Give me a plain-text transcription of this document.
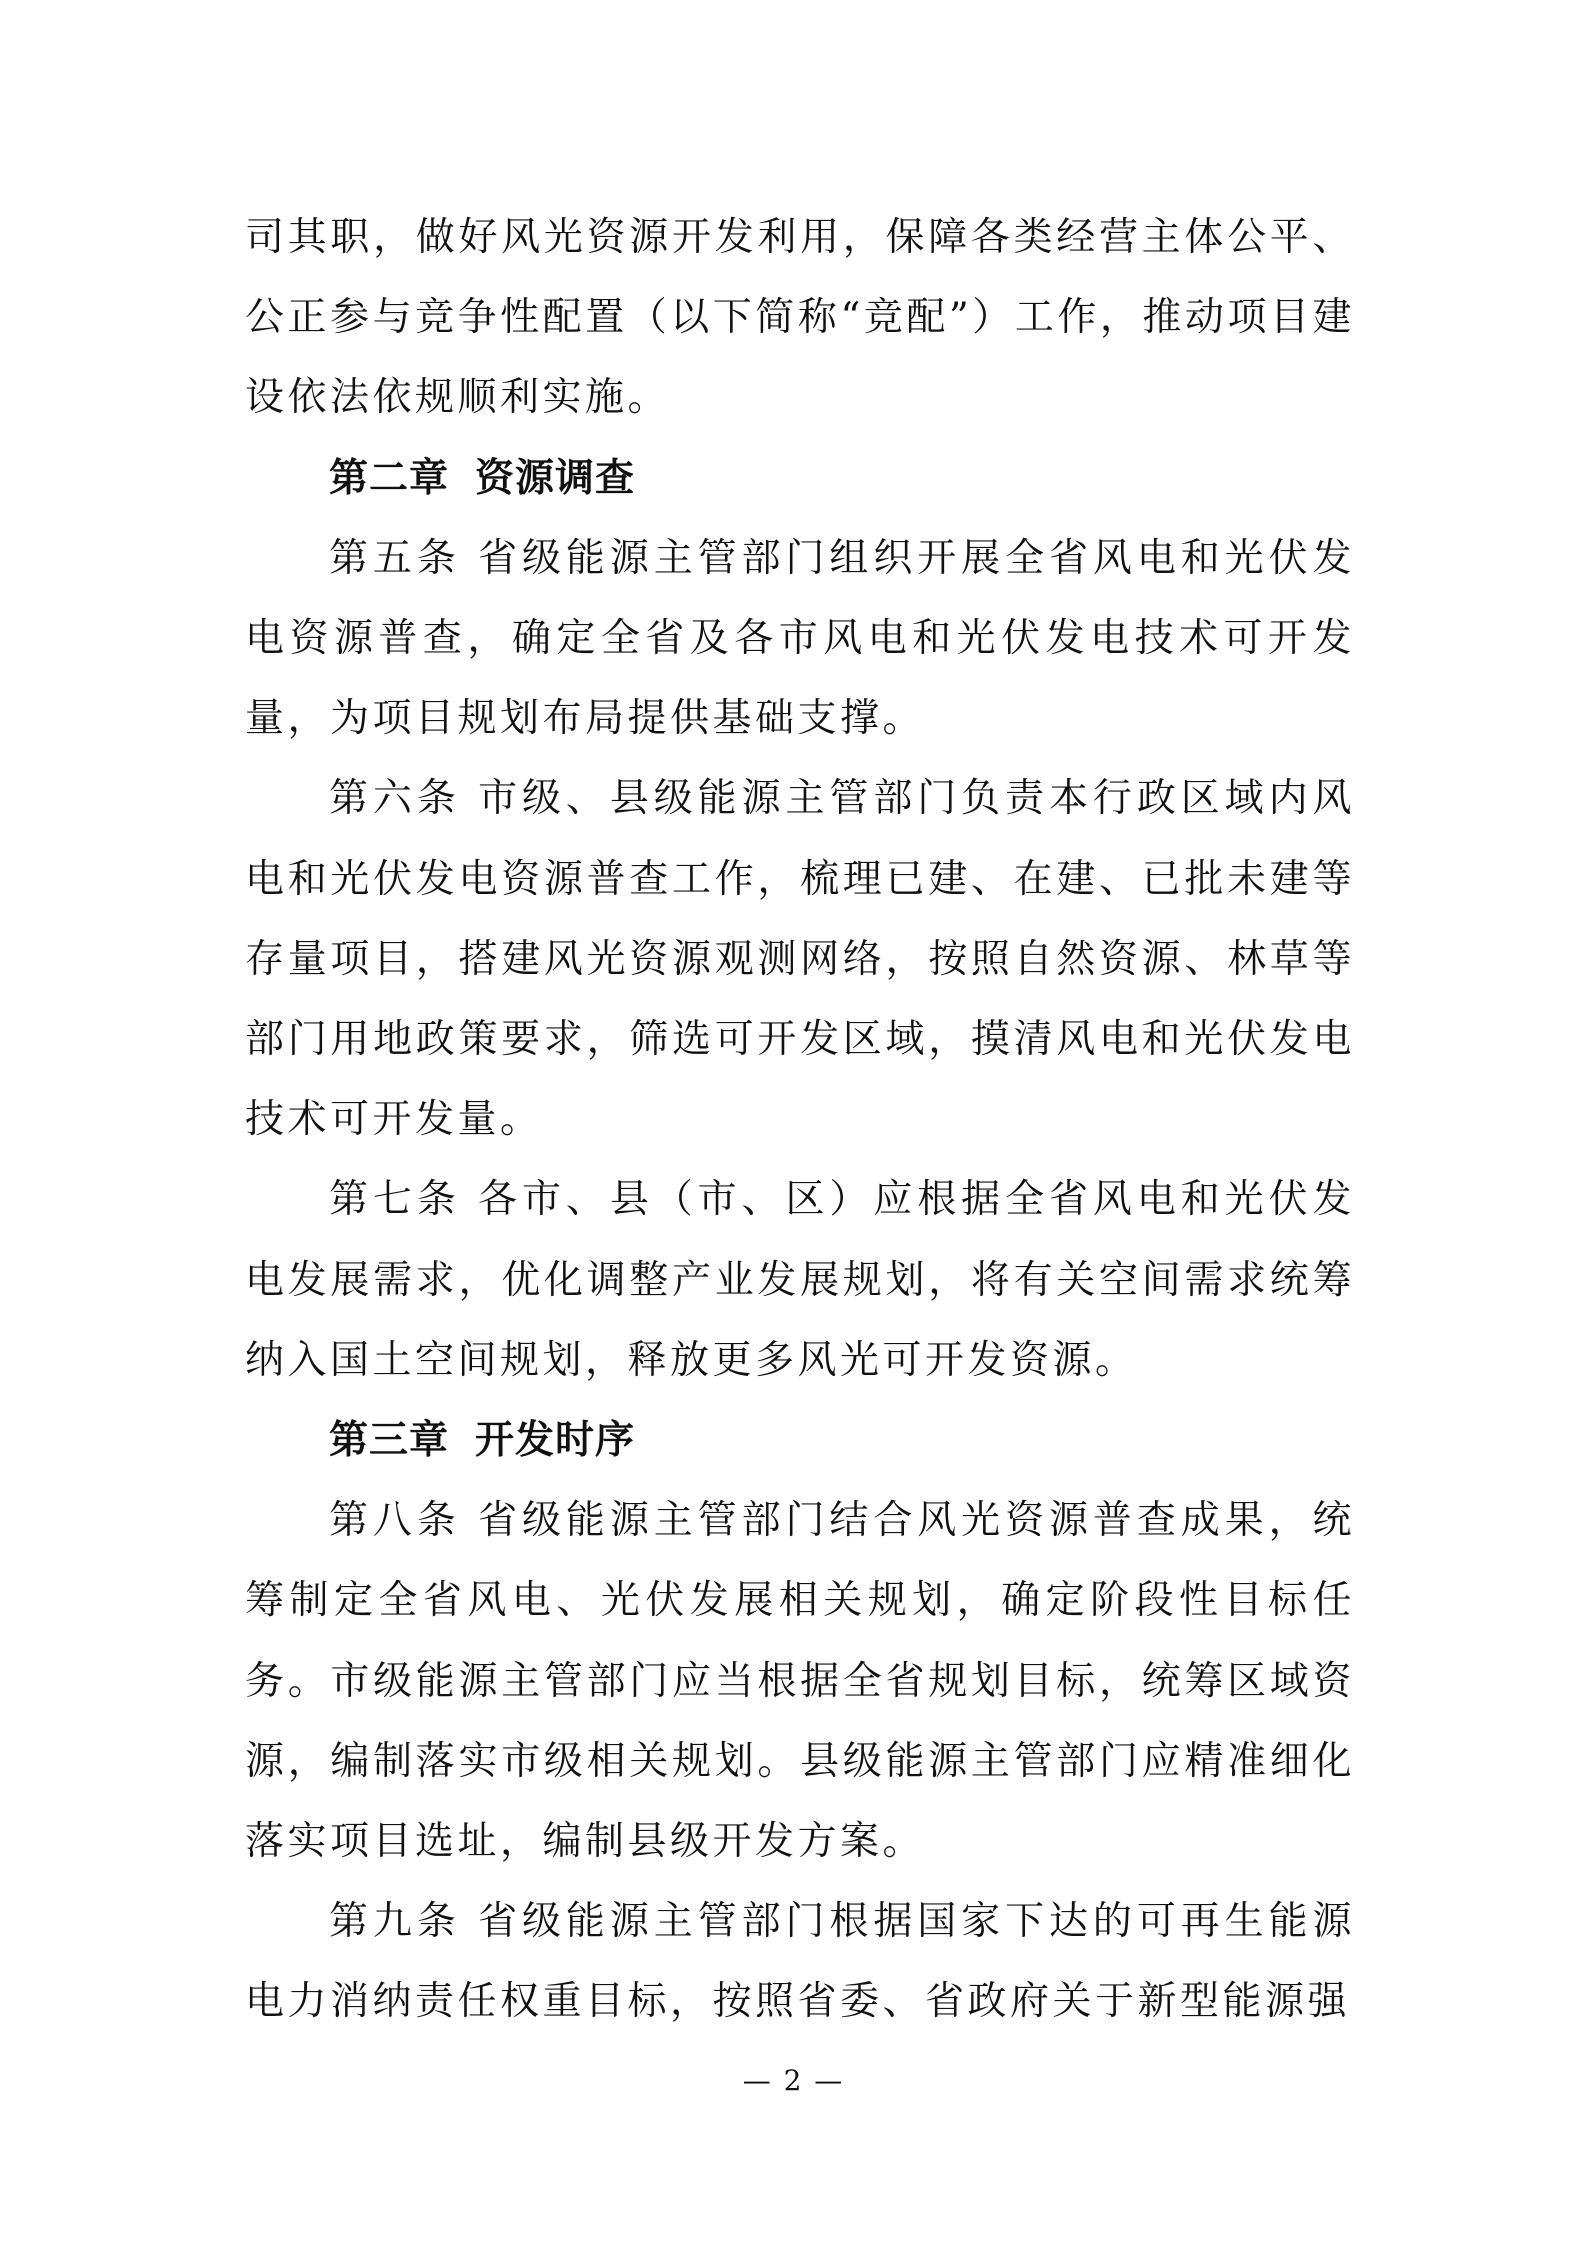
司其职，做好风光资源开发利用，保障各类经营主体公平、公正参与竞争性配置（以下简称“竞配”）工作，推动项目建设依法依规顺利实施。

第二章 资源调查

第五条 省级能源主管部门组织开展全省风电和光伏发电资源普查，确定全省及各市风电和光伏发电技术可开发量，为项目规划布局提供基础支撑。

第六条 市级、县级能源主管部门负责本行政区域内风电和光伏发电资源普查工作，梳理已建、在建、已批未建等存量项目，搭建风光资源观测网络，按照自然资源、林草等部门用地政策要求，筛选可开发区域，摸清风电和光伏发电技术可开发量。

第七条 各市、县（市、区）应根据全省风电和光伏发电发展需求，优化调整产业发展规划，将有关空间需求统筹纳入国土空间规划，释放更多风光可开发资源。

第三章 开发时序

第八条 省级能源主管部门结合风光资源普查成果，统筹制定全省风电、光伏发展相关规划，确定阶段性目标任务。市级能源主管部门应当根据全省规划目标，统筹区域资源，编制落实市级相关规划。县级能源主管部门应精准细化落实项目选址，编制县级开发方案。

第九条 省级能源主管部门根据国家下达的可再生能源电力消纳责任权重目标，按照省委、省政府关于新型能源强

— 2 —
